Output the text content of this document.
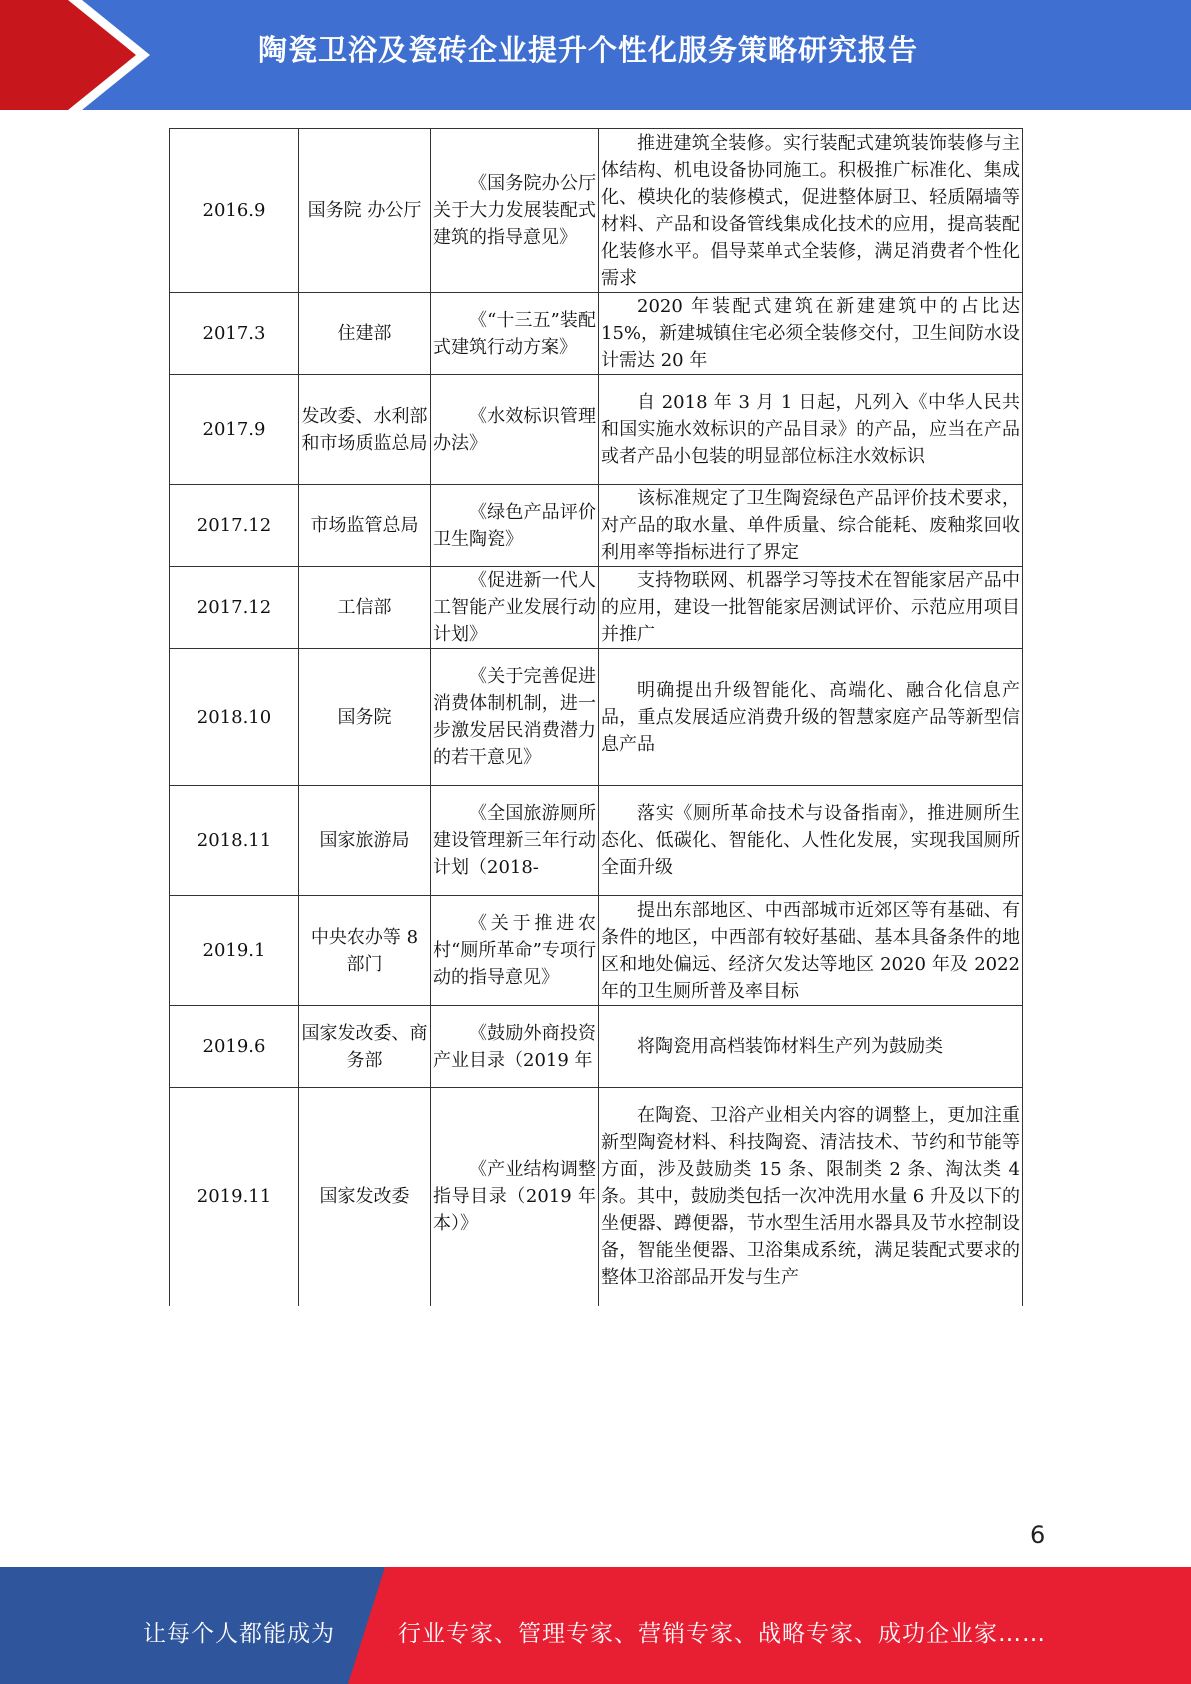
陶瓷卫浴及瓷砖企业提升个性化服务策略研究报告
2016.9	国务院 办公厅	《国务院办公厅关于大力发展装配式建筑的指导意见》	推进建筑全装修。实行装配式建筑装饰装修与主体结构、机电设备协同施工。积极推广标准化、集成化、模块化的装修模式，促进整体厨卫、轻质隔墙等材料、产品和设备管线集成化技术的应用，提高装配化装修水平。倡导菜单式全装修，满足消费者个性化需求
2017.3	住建部	《“十三五”装配式建筑行动方案》	2020 年装配式建筑在新建建筑中的占比达 15%，新建城镇住宅必须全装修交付，卫生间防水设计需达 20 年
2017.9	发改委、水利部和市场质监总局	《水效标识管理办法》	自 2018 年 3 月 1 日起，凡列入《中华人民共和国实施水效标识的产品目录》的产品，应当在产品或者产品小包装的明显部位标注水效标识
2017.12	市场监管总局	《绿色产品评价卫生陶瓷》	该标准规定了卫生陶瓷绿色产品评价技术要求，对产品的取水量、单件质量、综合能耗、废釉浆回收利用率等指标进行了界定
2017.12	工信部	《促进新一代人工智能产业发展行动计划》	支持物联网、机器学习等技术在智能家居产品中的应用，建设一批智能家居测试评价、示范应用项目并推广
2018.10	国务院	《关于完善促进消费体制机制，进一步激发居民消费潜力的若干意见》	明确提出升级智能化、高端化、融合化信息产品，重点发展适应消费升级的智慧家庭产品等新型信息产品
2018.11	国家旅游局	《全国旅游厕所建设管理新三年行动计划（2018-	落实《厕所革命技术与设备指南》，推进厕所生态化、低碳化、智能化、人性化发展，实现我国厕所全面升级
2019.1	中央农办等 8 部门	《关于推进农村“厕所革命”专项行动的指导意见》	提出东部地区、中西部城市近郊区等有基础、有条件的地区，中西部有较好基础、基本具备条件的地区和地处偏远、经济欠发达等地区 2020 年及 2022 年的卫生厕所普及率目标
2019.6	国家发改委、商务部	《鼓励外商投资产业目录（2019 年	将陶瓷用高档装饰材料生产列为鼓励类
2019.11	国家发改委	《产业结构调整指导目录（2019 年本）》	在陶瓷、卫浴产业相关内容的调整上，更加注重新型陶瓷材料、科技陶瓷、清洁技术、节约和节能等方面，涉及鼓励类 15 条、限制类 2 条、淘汰类 4 条。其中，鼓励类包括一次冲洗用水量 6 升及以下的坐便器、蹲便器，节水型生活用水器具及节水控制设备，智能坐便器、卫浴集成系统，满足装配式要求的整体卫浴部品开发与生产
6
让每个人都能成为	行业专家、管理专家、营销专家、战略专家、成功企业家……
